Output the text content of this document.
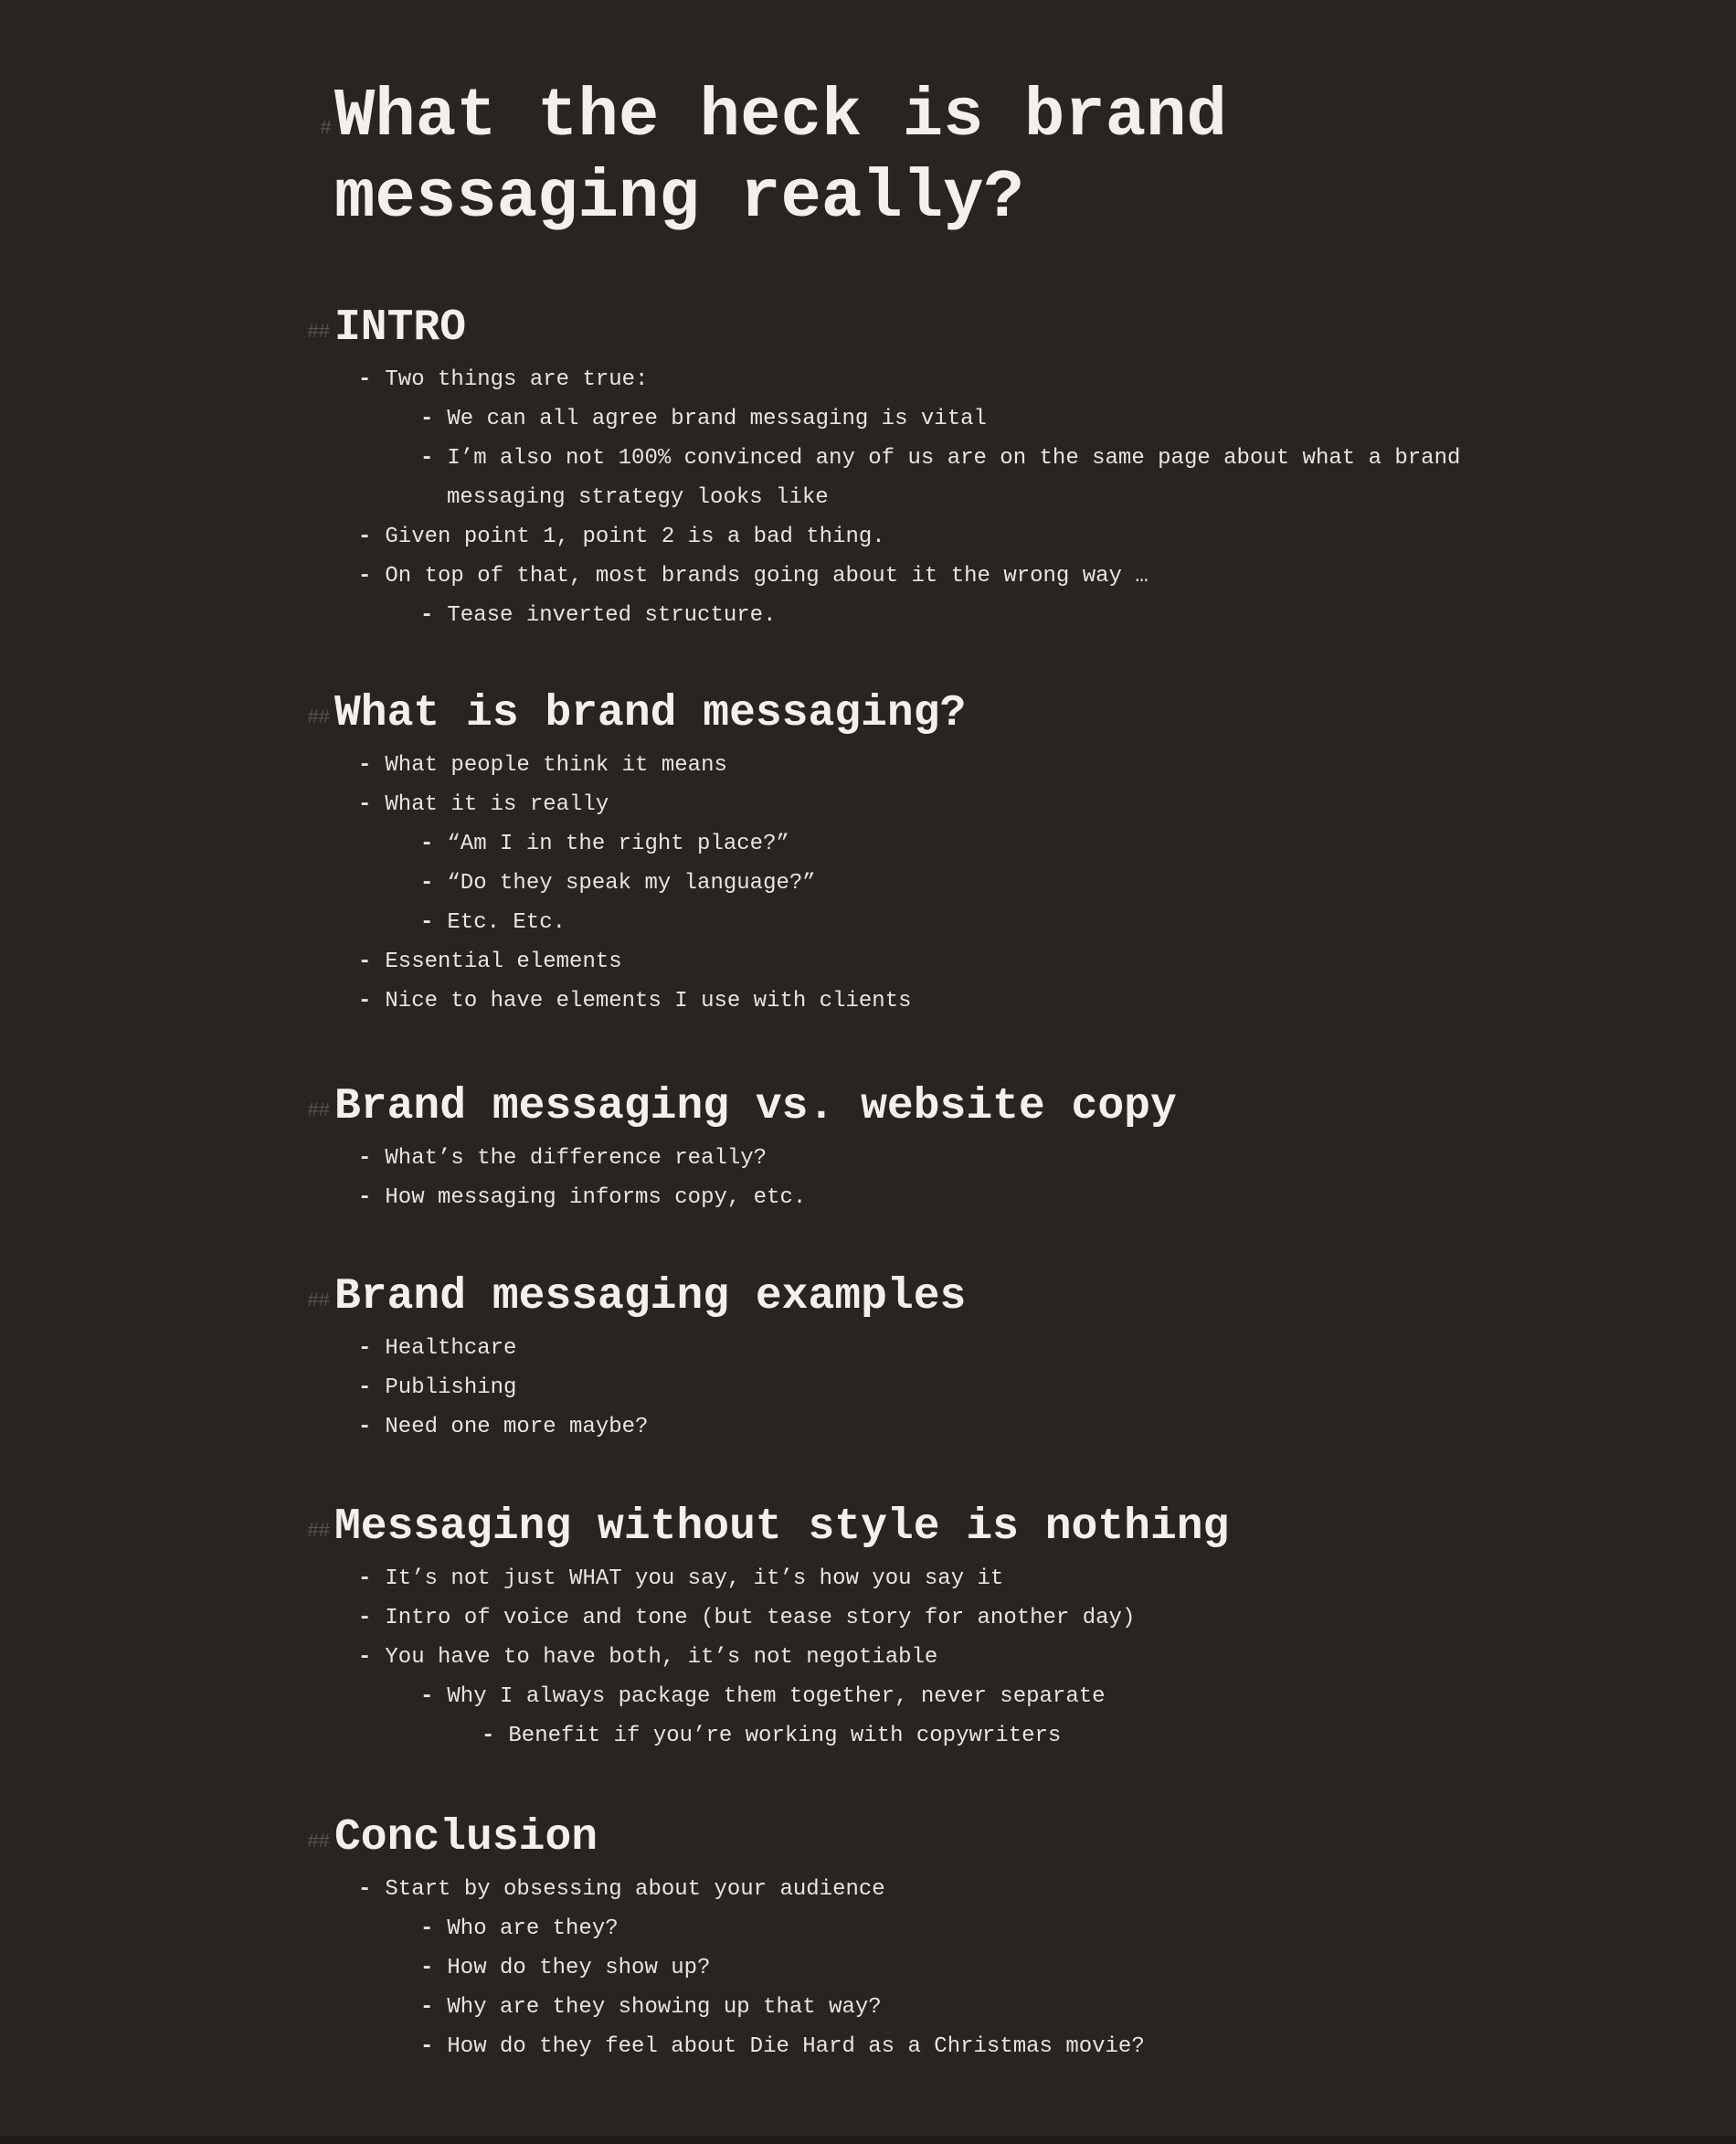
# What the heck is brand messaging really?
## INTRO
- Two things are true:
- We can all agree brand messaging is vital
- I’m also not 100% convinced any of us are on the same page about what a brand messaging strategy looks like
- Given point 1, point 2 is a bad thing.
- On top of that, most brands going about it the wrong way …
- Tease inverted structure.
## What is brand messaging?
- What people think it means
- What it is really
- “Am I in the right place?”
- “Do they speak my language?”
- Etc. Etc.
- Essential elements
- Nice to have elements I use with clients
## Brand messaging vs. website copy
- What’s the difference really?
- How messaging informs copy, etc.
## Brand messaging examples
- Healthcare
- Publishing
- Need one more maybe?
## Messaging without style is nothing
- It’s not just WHAT you say, it’s how you say it
- Intro of voice and tone (but tease story for another day)
- You have to have both, it’s not negotiable
- Why I always package them together, never separate
- Benefit if you’re working with copywriters
## Conclusion
- Start by obsessing about your audience
- Who are they?
- How do they show up?
- Why are they showing up that way?
- How do they feel about Die Hard as a Christmas movie?
